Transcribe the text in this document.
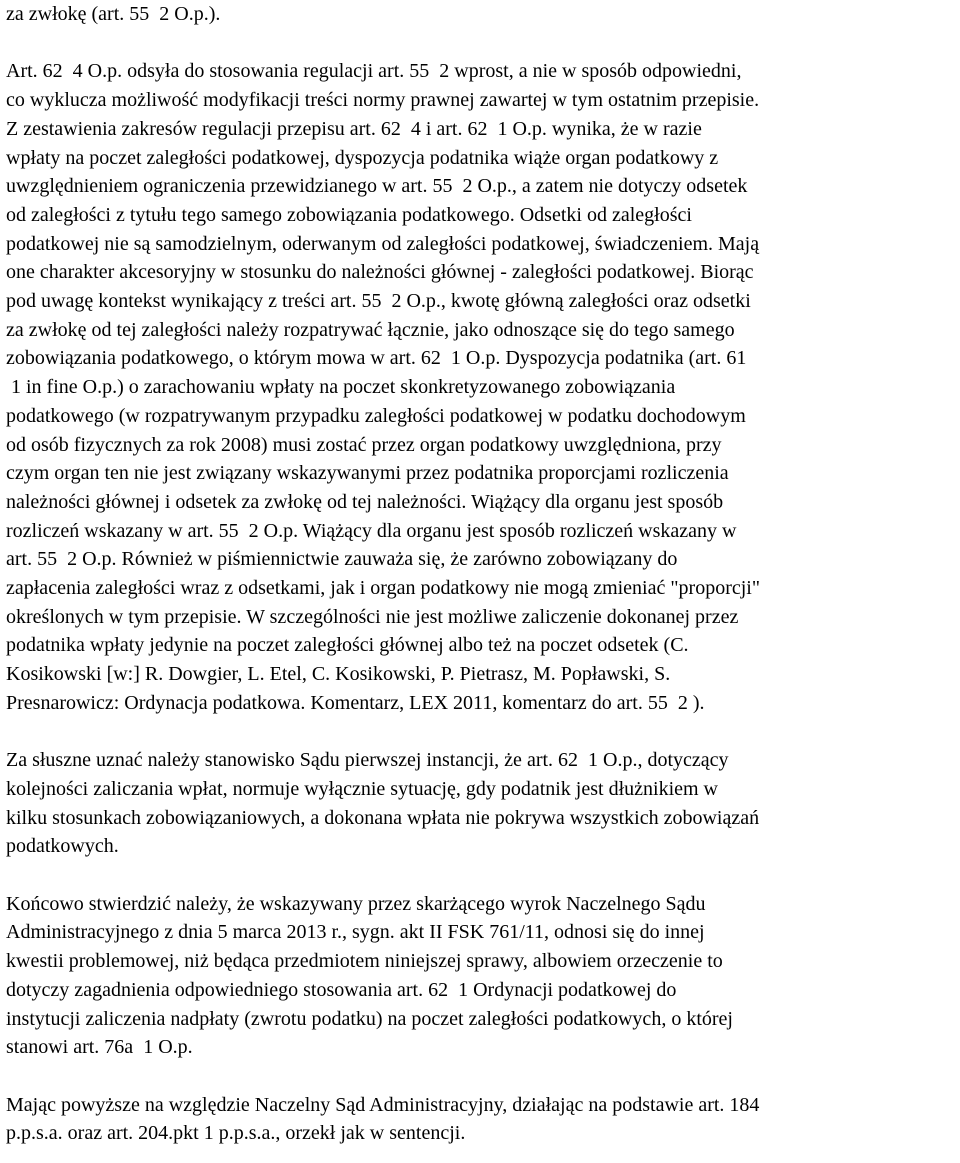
za zwłokę (art. 55  2 O.p.).
Art. 62  4 O.p. odsyła do stosowania regulacji art. 55  2 wprost, a nie w sposób odpowiedni,
co wyklucza możliwość modyfikacji treści normy prawnej zawartej w tym ostatnim przepisie.
Z zestawienia zakresów regulacji przepisu art. 62  4 i art. 62  1 O.p. wynika, że w razie
wpłaty na poczet zaległości podatkowej, dyspozycja podatnika wiąże organ podatkowy z
uwzględnieniem ograniczenia przewidzianego w art. 55  2 O.p., a zatem nie dotyczy odsetek
od zaległości z tytułu tego samego zobowiązania podatkowego. Odsetki od zaległości
podatkowej nie są samodzielnym, oderwanym od zaległości podatkowej, świadczeniem. Mają
one charakter akcesoryjny w stosunku do należności głównej - zaległości podatkowej. Biorąc
pod uwagę kontekst wynikający z treści art. 55  2 O.p., kwotę główną zaległości oraz odsetki
za zwłokę od tej zaległości należy rozpatrywać łącznie, jako odnoszące się do tego samego
zobowiązania podatkowego, o którym mowa w art. 62  1 O.p. Dyspozycja podatnika (art. 61
1 in fine O.p.) o zarachowaniu wpłaty na poczet skonkretyzowanego zobowiązania
podatkowego (w rozpatrywanym przypadku zaległości podatkowej w podatku dochodowym
od osób fizycznych za rok 2008) musi zostać przez organ podatkowy uwzględniona, przy
czym organ ten nie jest związany wskazywanymi przez podatnika proporcjami rozliczenia
należności głównej i odsetek za zwłokę od tej należności. Wiążący dla organu jest sposób
rozliczeń wskazany w art. 55  2 O.p. Wiążący dla organu jest sposób rozliczeń wskazany w
art. 55  2 O.p. Również w piśmiennictwie zauważa się, że zarówno zobowiązany do
zapłacenia zaległości wraz z odsetkami, jak i organ podatkowy nie mogą zmieniać "proporcji"
określonych w tym przepisie. W szczególności nie jest możliwe zaliczenie dokonanej przez
podatnika wpłaty jedynie na poczet zaległości głównej albo też na poczet odsetek (C.
Kosikowski [w:] R. Dowgier, L. Etel, C. Kosikowski, P. Pietrasz, M. Popławski, S.
Presnarowicz: Ordynacja podatkowa. Komentarz, LEX 2011, komentarz do art. 55  2 ).
Za słuszne uznać należy stanowisko Sądu pierwszej instancji, że art. 62  1 O.p., dotyczący
kolejności zaliczania wpłat, normuje wyłącznie sytuację, gdy podatnik jest dłużnikiem w
kilku stosunkach zobowiązaniowych, a dokonana wpłata nie pokrywa wszystkich zobowiązań
podatkowych.
Końcowo stwierdzić należy, że wskazywany przez skarżącego wyrok Naczelnego Sądu
Administracyjnego z dnia 5 marca 2013 r., sygn. akt II FSK 761/11, odnosi się do innej
kwestii problemowej, niż będąca przedmiotem niniejszej sprawy, albowiem orzeczenie to
dotyczy zagadnienia odpowiedniego stosowania art. 62  1 Ordynacji podatkowej do
instytucji zaliczenia nadpłaty (zwrotu podatku) na poczet zaległości podatkowych, o której
stanowi art. 76a  1 O.p.
Mając powyższe na względzie Naczelny Sąd Administracyjny, działając na podstawie art. 184
p.p.s.a. oraz art. 204.pkt 1 p.p.s.a., orzekł jak w sentencji.
